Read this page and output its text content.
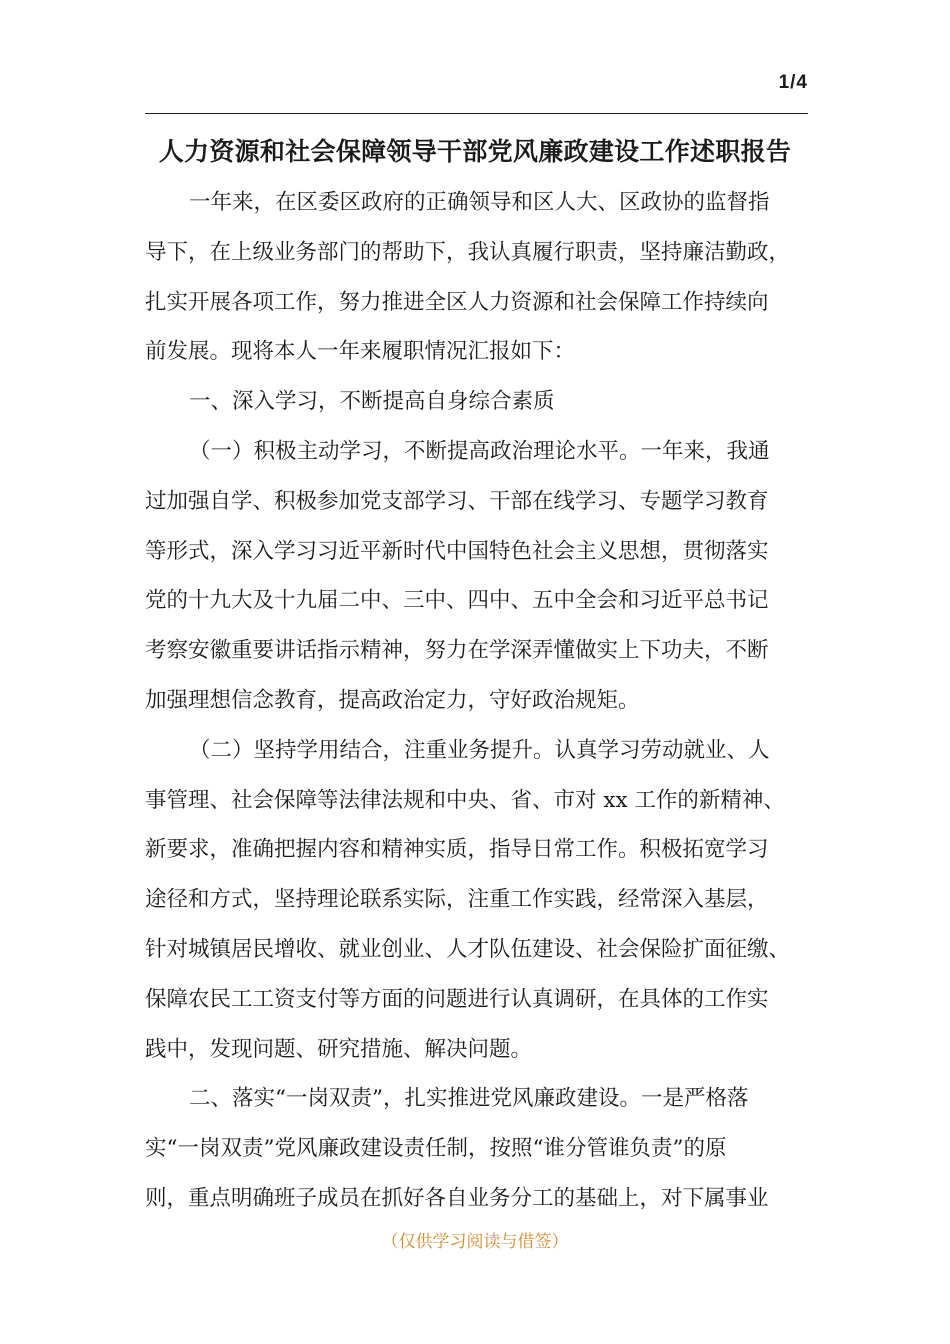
1/4
人力资源和社会保障领导干部党风廉政建设工作述职报告
一年来，在区委区政府的正确领导和区人大、区政协的监督指
导下，在上级业务部门的帮助下，我认真履行职责，坚持廉洁勤政，
扎实开展各项工作，努力推进全区人力资源和社会保障工作持续向
前发展。现将本人一年来履职情况汇报如下：
一、深入学习，不断提高自身综合素质
（一）积极主动学习，不断提高政治理论水平。一年来，我通
过加强自学、积极参加党支部学习、干部在线学习、专题学习教育
等形式，深入学习习近平新时代中国特色社会主义思想，贯彻落实
党的十九大及十九届二中、三中、四中、五中全会和习近平总书记
考察安徽重要讲话指示精神，努力在学深弄懂做实上下功夫，不断
加强理想信念教育，提高政治定力，守好政治规矩。
（二）坚持学用结合，注重业务提升。认真学习劳动就业、人
事管理、社会保障等法律法规和中央、省、市对 xx 工作的新精神、
新要求，准确把握内容和精神实质，指导日常工作。积极拓宽学习
途径和方式，坚持理论联系实际，注重工作实践，经常深入基层，
针对城镇居民增收、就业创业、人才队伍建设、社会保险扩面征缴、
保障农民工工资支付等方面的问题进行认真调研，在具体的工作实
践中，发现问题、研究措施、解决问题。
二、落实“一岗双责”，扎实推进党风廉政建设。一是严格落
实“一岗双责”党风廉政建设责任制，按照“谁分管谁负责”的原
则，重点明确班子成员在抓好各自业务分工的基础上，对下属事业
（仅供学习阅读与借签）
